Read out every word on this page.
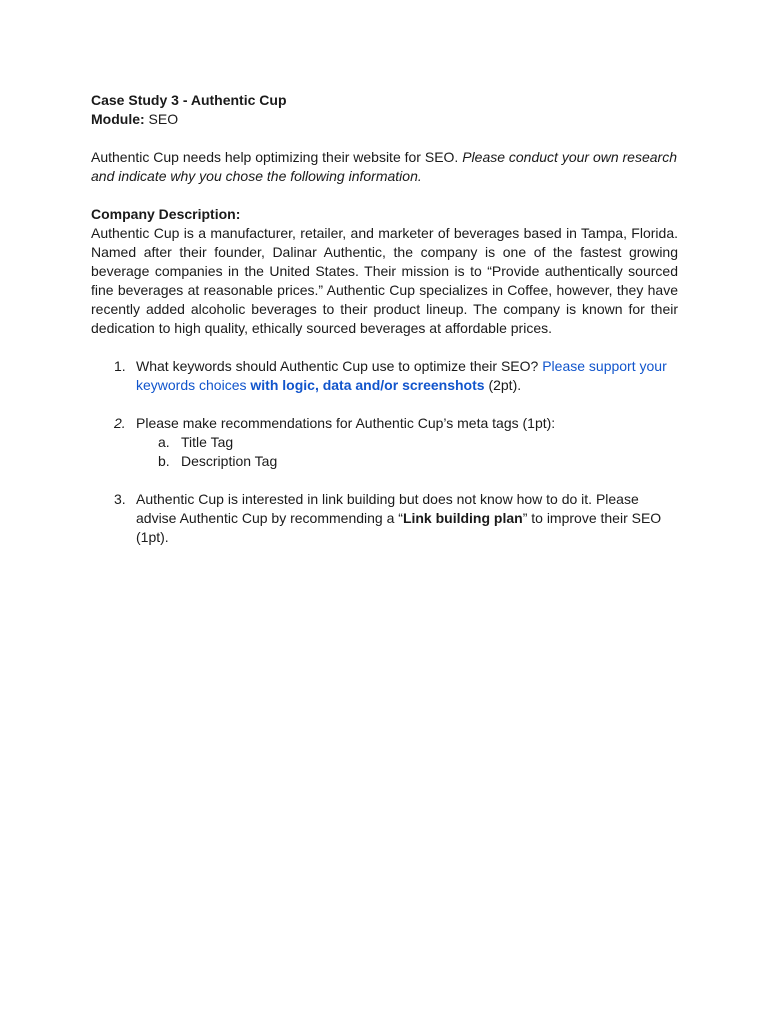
Case Study 3 - Authentic Cup

Module: SEO

Authentic Cup needs help optimizing their website for SEO. Please conduct your own research and indicate why you chose the following information.

Company Description:

Authentic Cup is a manufacturer, retailer, and marketer of beverages based in Tampa, Florida. Named after their founder, Dalinar Authentic, the company is one of the fastest growing beverage companies in the United States. Their mission is to “Provide authentically sourced fine beverages at reasonable prices.” Authentic Cup specializes in Coffee, however, they have recently added alcoholic beverages to their product lineup. The company is known for their dedication to high quality, ethically sourced beverages at affordable prices.

1. What keywords should Authentic Cup use to optimize their SEO? Please support your keywords choices with logic, data and/or screenshots (2pt).
2. Please make recommendations for Authentic Cup’s meta tags (1pt):
a. Title Tag
b. Description Tag
3. Authentic Cup is interested in link building but does not know how to do it. Please advise Authentic Cup by recommending a “Link building plan” to improve their SEO (1pt).
